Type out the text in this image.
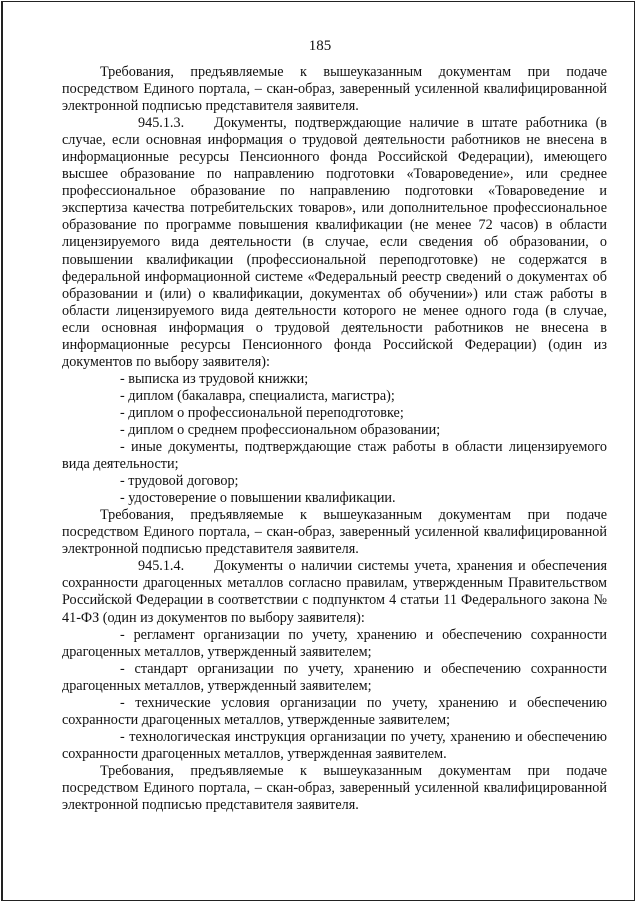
185

Требования, предъявляемые к вышеуказанным документам при подаче посредством Единого портала, – скан-образ, заверенный усиленной квалифицированной электронной подписью представителя заявителя.

945.1.3. Документы, подтверждающие наличие в штате работника (в случае, если основная информация о трудовой деятельности работников не внесена в информационные ресурсы Пенсионного фонда Российской Федерации), имеющего высшее образование по направлению подготовки «Товароведение», или среднее профессиональное образование по направлению подготовки «Товароведение и экспертиза качества потребительских товаров», или дополнительное профессиональное образование по программе повышения квалификации (не менее 72 часов) в области лицензируемого вида деятельности (в случае, если сведения об образовании, о повышении квалификации (профессиональной переподготовке) не содержатся в федеральной информационной системе «Федеральный реестр сведений о документах об образовании и (или) о квалификации, документах об обучении») или стаж работы в области лицензируемого вида деятельности которого не менее одного года (в случае, если основная информация о трудовой деятельности работников не внесена в информационные ресурсы Пенсионного фонда Российской Федерации) (один из документов по выбору заявителя):

- выписка из трудовой книжки;
- диплом (бакалавра, специалиста, магистра);
- диплом о профессиональной переподготовке;
- диплом о среднем профессиональном образовании;
- иные документы, подтверждающие стаж работы в области лицензируемого вида деятельности;
- трудовой договор;
- удостоверение о повышении квалификации.

Требования, предъявляемые к вышеуказанным документам при подаче посредством Единого портала, – скан-образ, заверенный усиленной квалифицированной электронной подписью представителя заявителя.

945.1.4. Документы о наличии системы учета, хранения и обеспечения сохранности драгоценных металлов согласно правилам, утвержденным Правительством Российской Федерации в соответствии с подпунктом 4 статьи 11 Федерального закона № 41-ФЗ (один из документов по выбору заявителя):

- регламент организации по учету, хранению и обеспечению сохранности драгоценных металлов, утвержденный заявителем;
- стандарт организации по учету, хранению и обеспечению сохранности драгоценных металлов, утвержденный заявителем;
- технические условия организации по учету, хранению и обеспечению сохранности драгоценных металлов, утвержденные заявителем;
- технологическая инструкция организации по учету, хранению и обеспечению сохранности драгоценных металлов, утвержденная заявителем.

Требования, предъявляемые к вышеуказанным документам при подаче посредством Единого портала, – скан-образ, заверенный усиленной квалифицированной электронной подписью представителя заявителя.
